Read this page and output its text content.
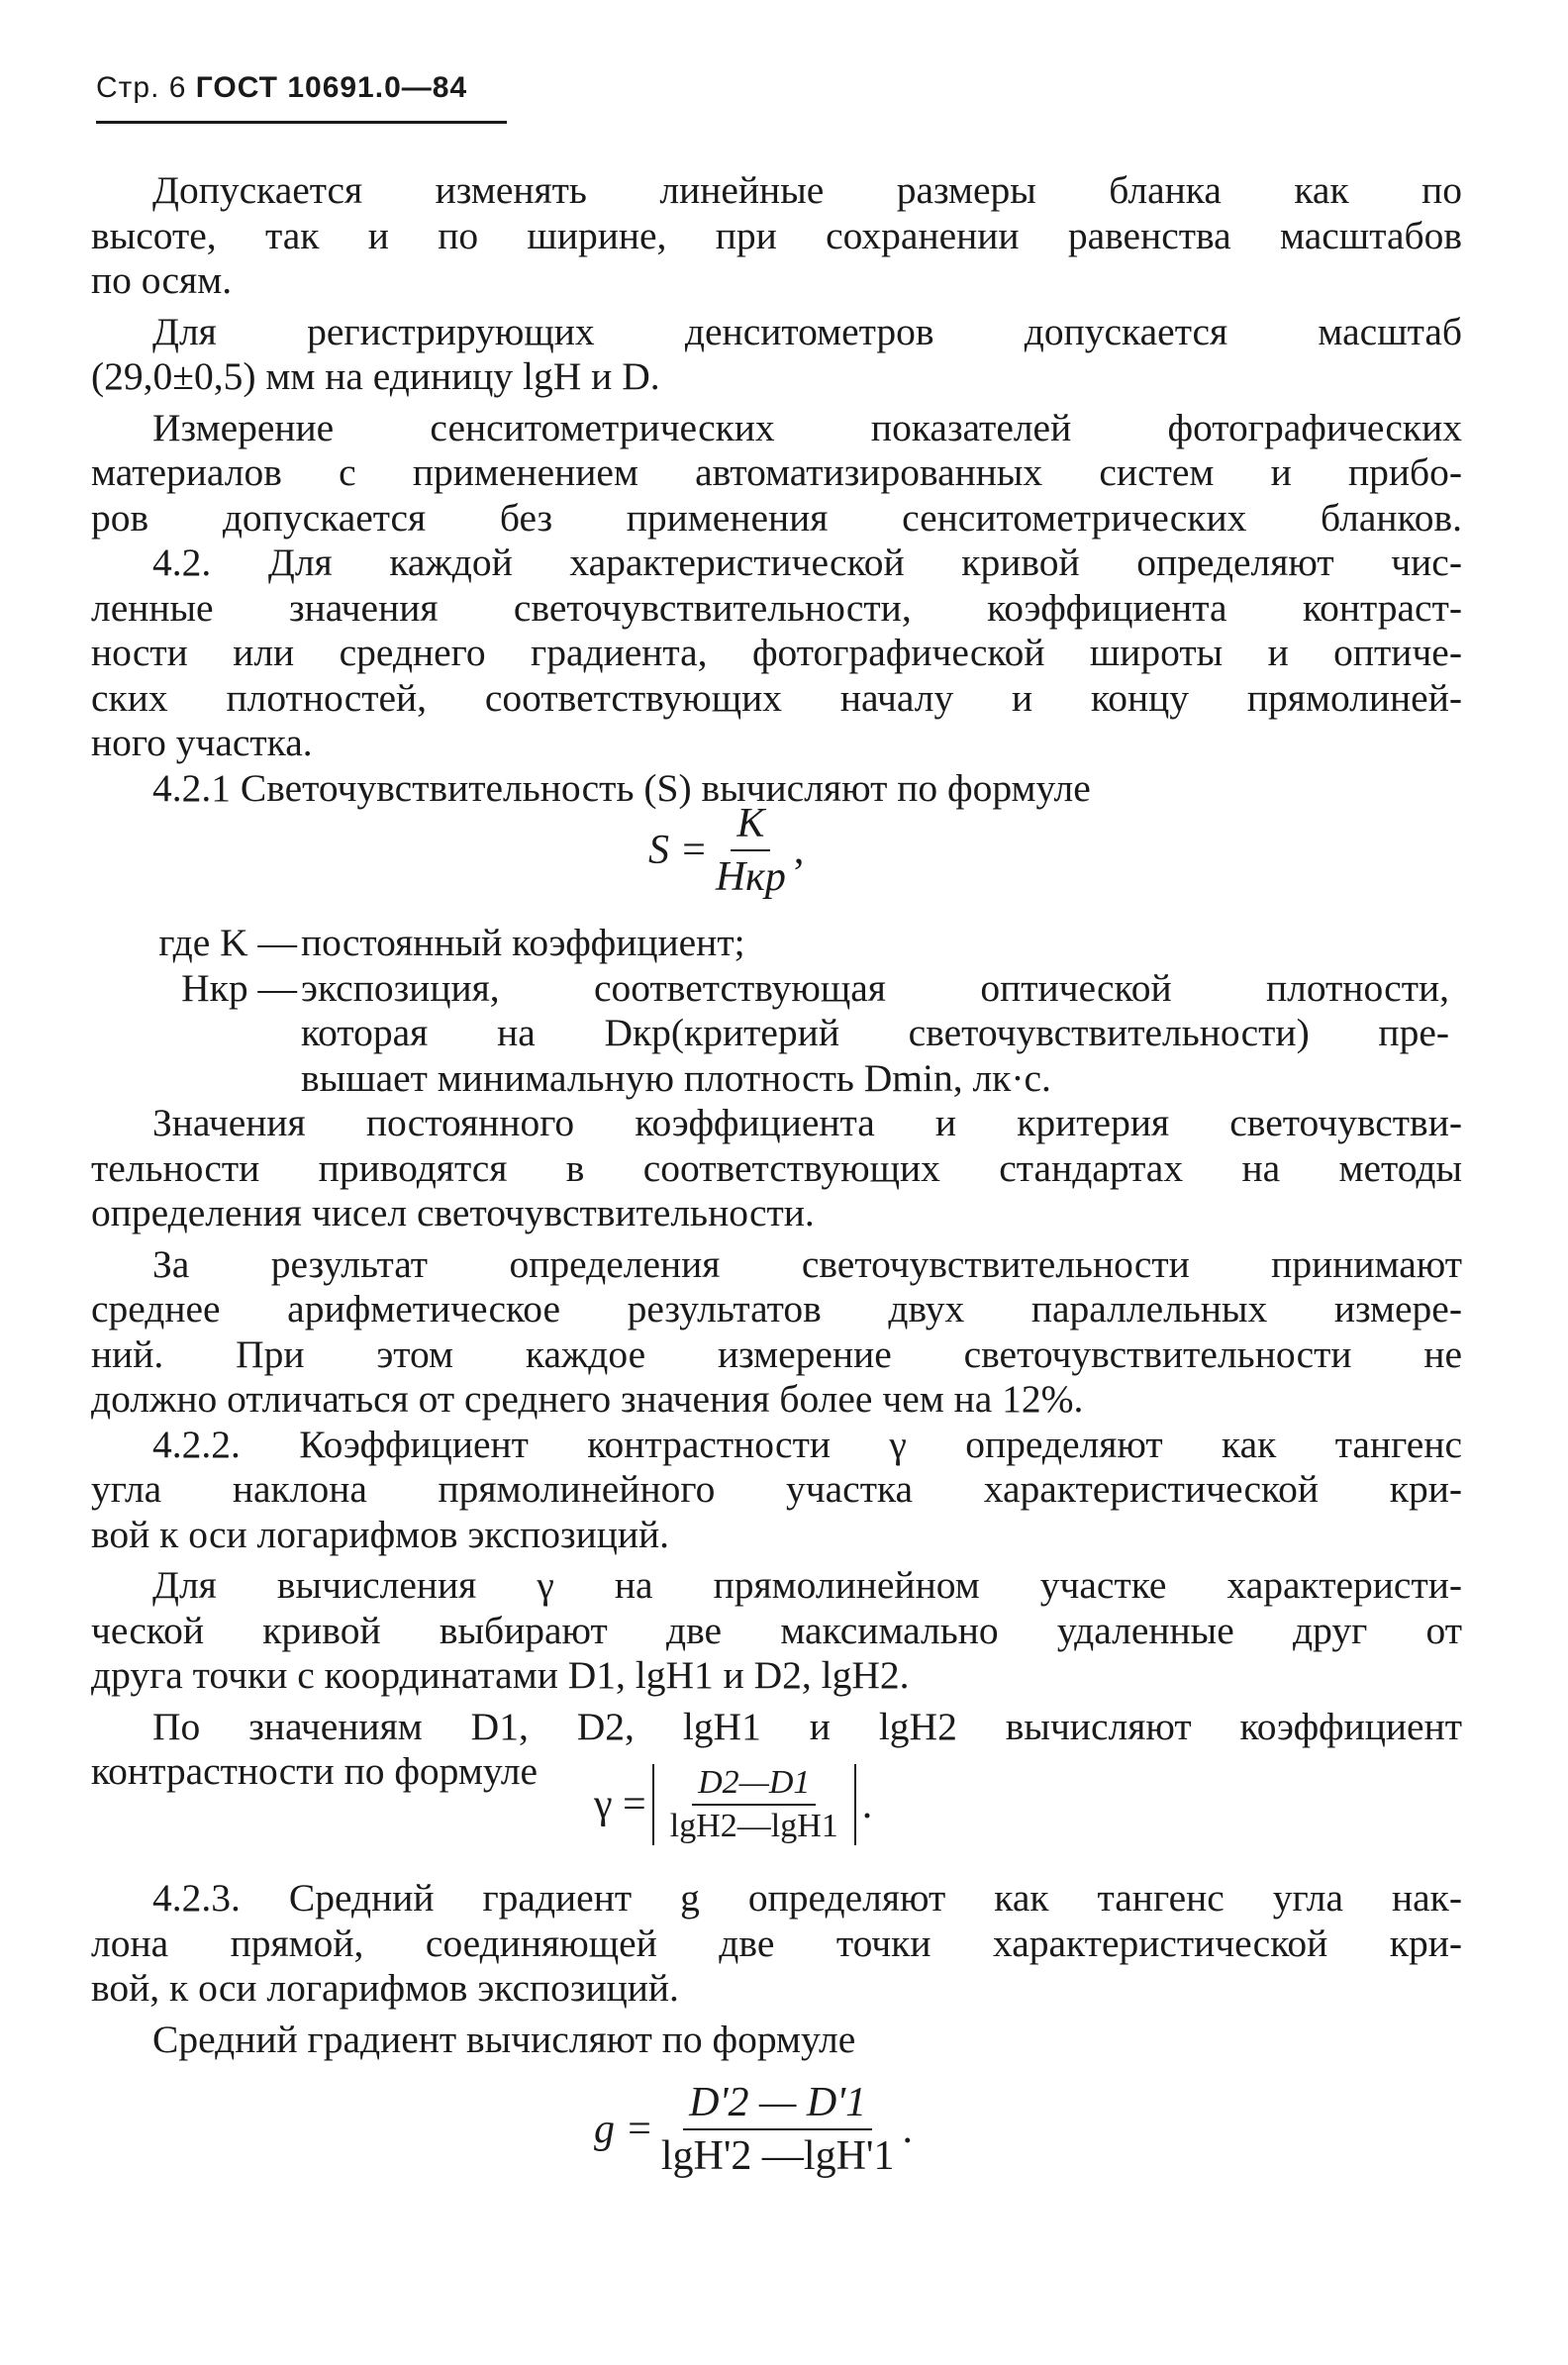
Стр. 6 ГОСТ 10691.0—84

Допускается изменять линейные размеры бланка как по
высоте, так и по ширине, при сохранении равенства масштабов
по осям.

Для регистрирующих денситометров допускается масштаб
(29,0±0,5) мм на единицу lgH и D.

Измерение сенситометрических показателей фотографических
материалов с применением автоматизированных систем и прибо-
ров допускается без применения сенситометрических бланков.

4.2. Для каждой характеристической кривой определяют чис-
ленные значения светочувствительности, коэффициента контраст-
ности или среднего градиента, фотографической широты и оптиче-
ских плотностей, соответствующих началу и концу прямолиней-
ного участка.

4.2.1 Светочувствительность (S) вычисляют по формуле

$S = \frac{K}{\text{Hкр}}$ ,
где K — постоянный коэффициент;
Hкр — экспозиция, соответствующая оптической плотности,
которая на Dкр(критерий светочувствительности) пре-
вышает минимальную плотность Dmin, лк·с.

Значения постоянного коэффициента и критерия светочувстви-
тельности приводятся в соответствующих стандартах на методы
определения чисел светочувствительности.

За результат определения светочувствительности принимают
среднее арифметическое результатов двух параллельных измере-
ний. При этом каждое измерение светочувствительности не
должно отличаться от среднего значения более чем на 12%.

4.2.2. Коэффициент контрастности γ определяют как тангенс
угла наклона прямолинейного участка характеристической кри-
вой к оси логарифмов экспозиций.

Для вычисления γ на прямолинейном участке характеристи-
ческой кривой выбирают две максимально удаленные друг от
друга точки с координатами D1, lgH1 и D2, lgH2.

По значениям D1, D2, lgH1 и lgH2 вычисляют коэффициент
контрастности по формуле

$\gamma = \frac{D2—D1}{\lg H2—\lg H1}$ .

4.2.3. Средний градиент g определяют как тангенс угла нак-
лона прямой, соединяющей две точки характеристической кри-
вой, к оси логарифмов экспозиций.

Средний градиент вычисляют по формуле

$g = \frac{D'2 — D'1}{\lg H'2 —\lg H'1}$ .
